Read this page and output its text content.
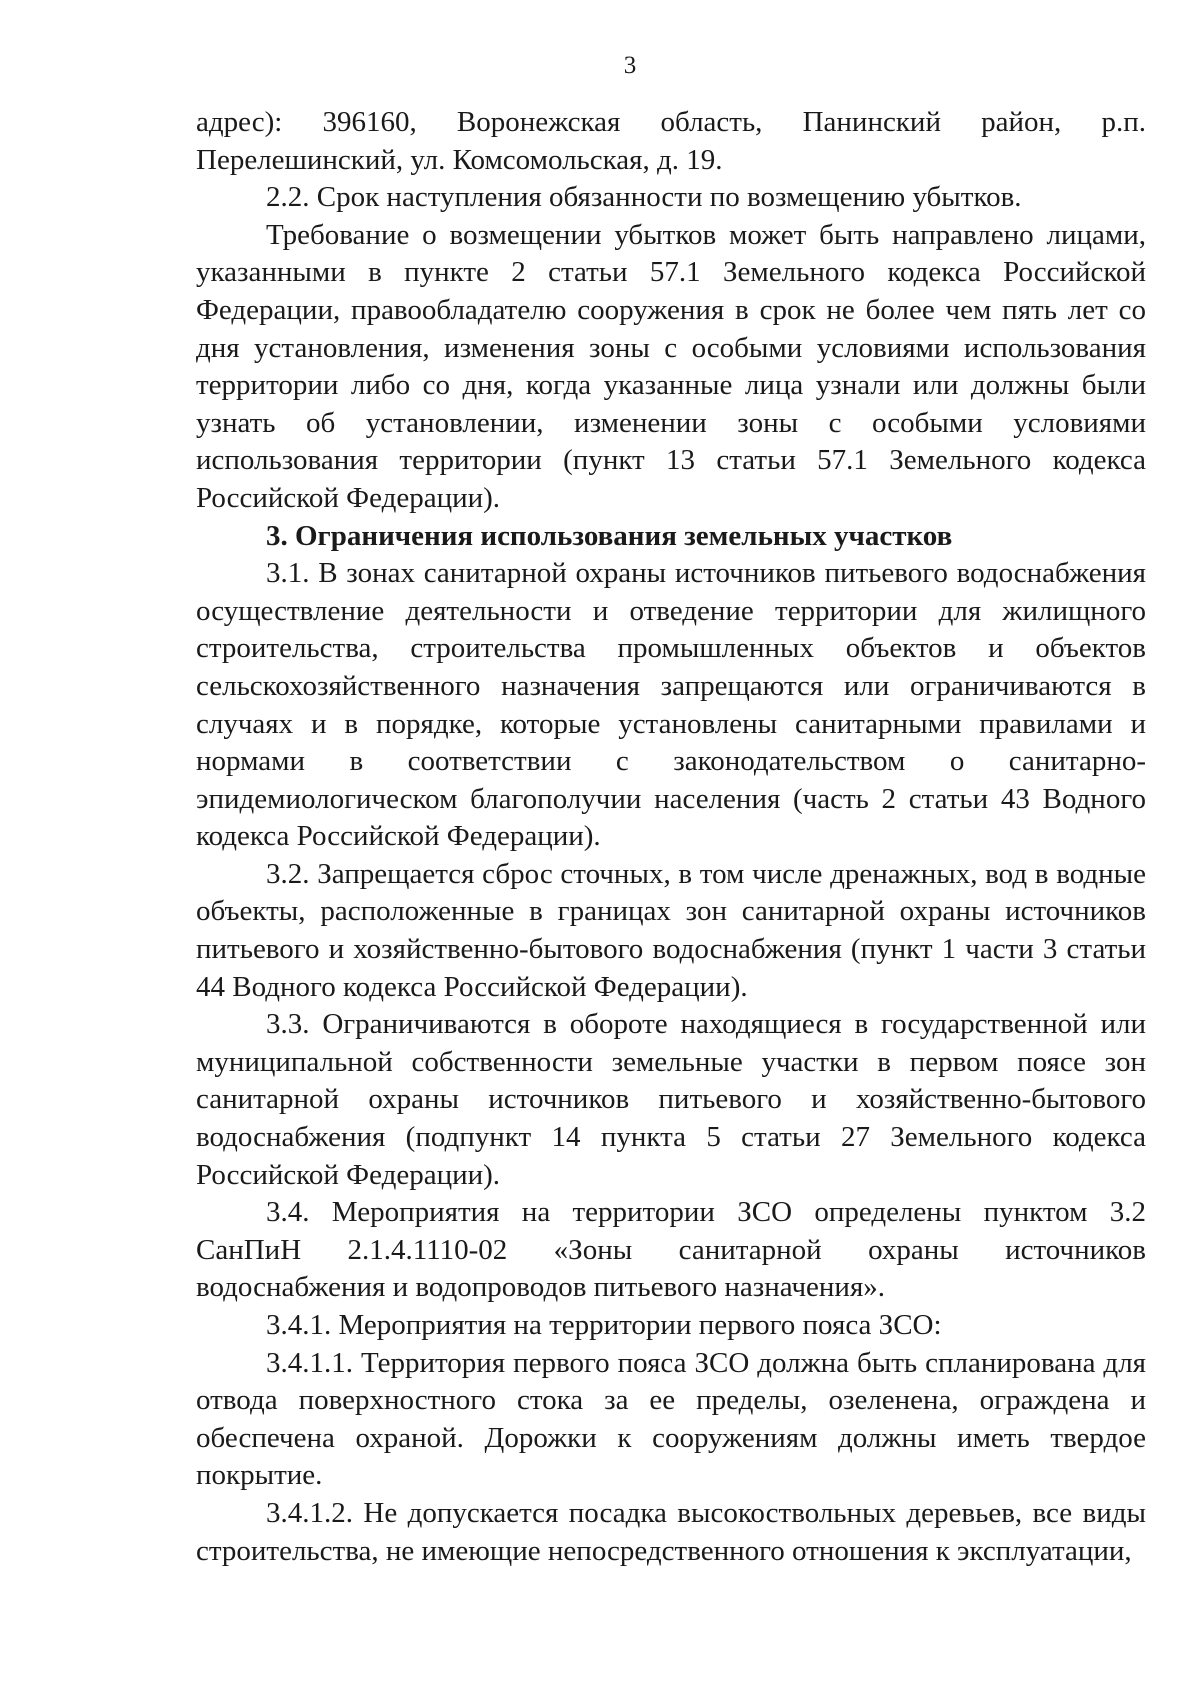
3

адрес): 396160, Воронежская область, Панинский район, р.п. Перелешинский, ул. Комсомольская, д. 19.

2.2. Срок наступления обязанности по возмещению убытков.

Требование о возмещении убытков может быть направлено лицами, указанными в пункте 2 статьи 57.1 Земельного кодекса Российской Федерации, правообладателю сооружения в срок не более чем пять лет со дня установления, изменения зоны с особыми условиями использования территории либо со дня, когда указанные лица узнали или должны были узнать об установлении, изменении зоны с особыми условиями использования территории (пункт 13 статьи 57.1 Земельного кодекса Российской Федерации).

3. Ограничения использования земельных участков

3.1. В зонах санитарной охраны источников питьевого водоснабжения осуществление деятельности и отведение территории для жилищного строительства, строительства промышленных объектов и объектов сельскохозяйственного назначения запрещаются или ограничиваются в случаях и в порядке, которые установлены санитарными правилами и нормами в соответствии с законодательством о санитарно-эпидемиологическом благополучии населения (часть 2 статьи 43 Водного кодекса Российской Федерации).

3.2. Запрещается сброс сточных, в том числе дренажных, вод в водные объекты, расположенные в границах зон санитарной охраны источников питьевого и хозяйственно-бытового водоснабжения (пункт 1 части 3 статьи 44 Водного кодекса Российской Федерации).

3.3. Ограничиваются в обороте находящиеся в государственной или муниципальной собственности земельные участки в первом поясе зон санитарной охраны источников питьевого и хозяйственно-бытового водоснабжения (подпункт 14 пункта 5 статьи 27 Земельного кодекса Российской Федерации).

3.4. Мероприятия на территории ЗСО определены пунктом 3.2 СанПиН 2.1.4.1110-02 «Зоны санитарной охраны источников водоснабжения и водопроводов питьевого назначения».

3.4.1. Мероприятия на территории первого пояса ЗСО:

3.4.1.1. Территория первого пояса ЗСО должна быть спланирована для отвода поверхностного стока за ее пределы, озеленена, ограждена и обеспечена охраной. Дорожки к сооружениям должны иметь твердое покрытие.

3.4.1.2. Не допускается посадка высокоствольных деревьев, все виды строительства, не имеющие непосредственного отношения к эксплуатации,
